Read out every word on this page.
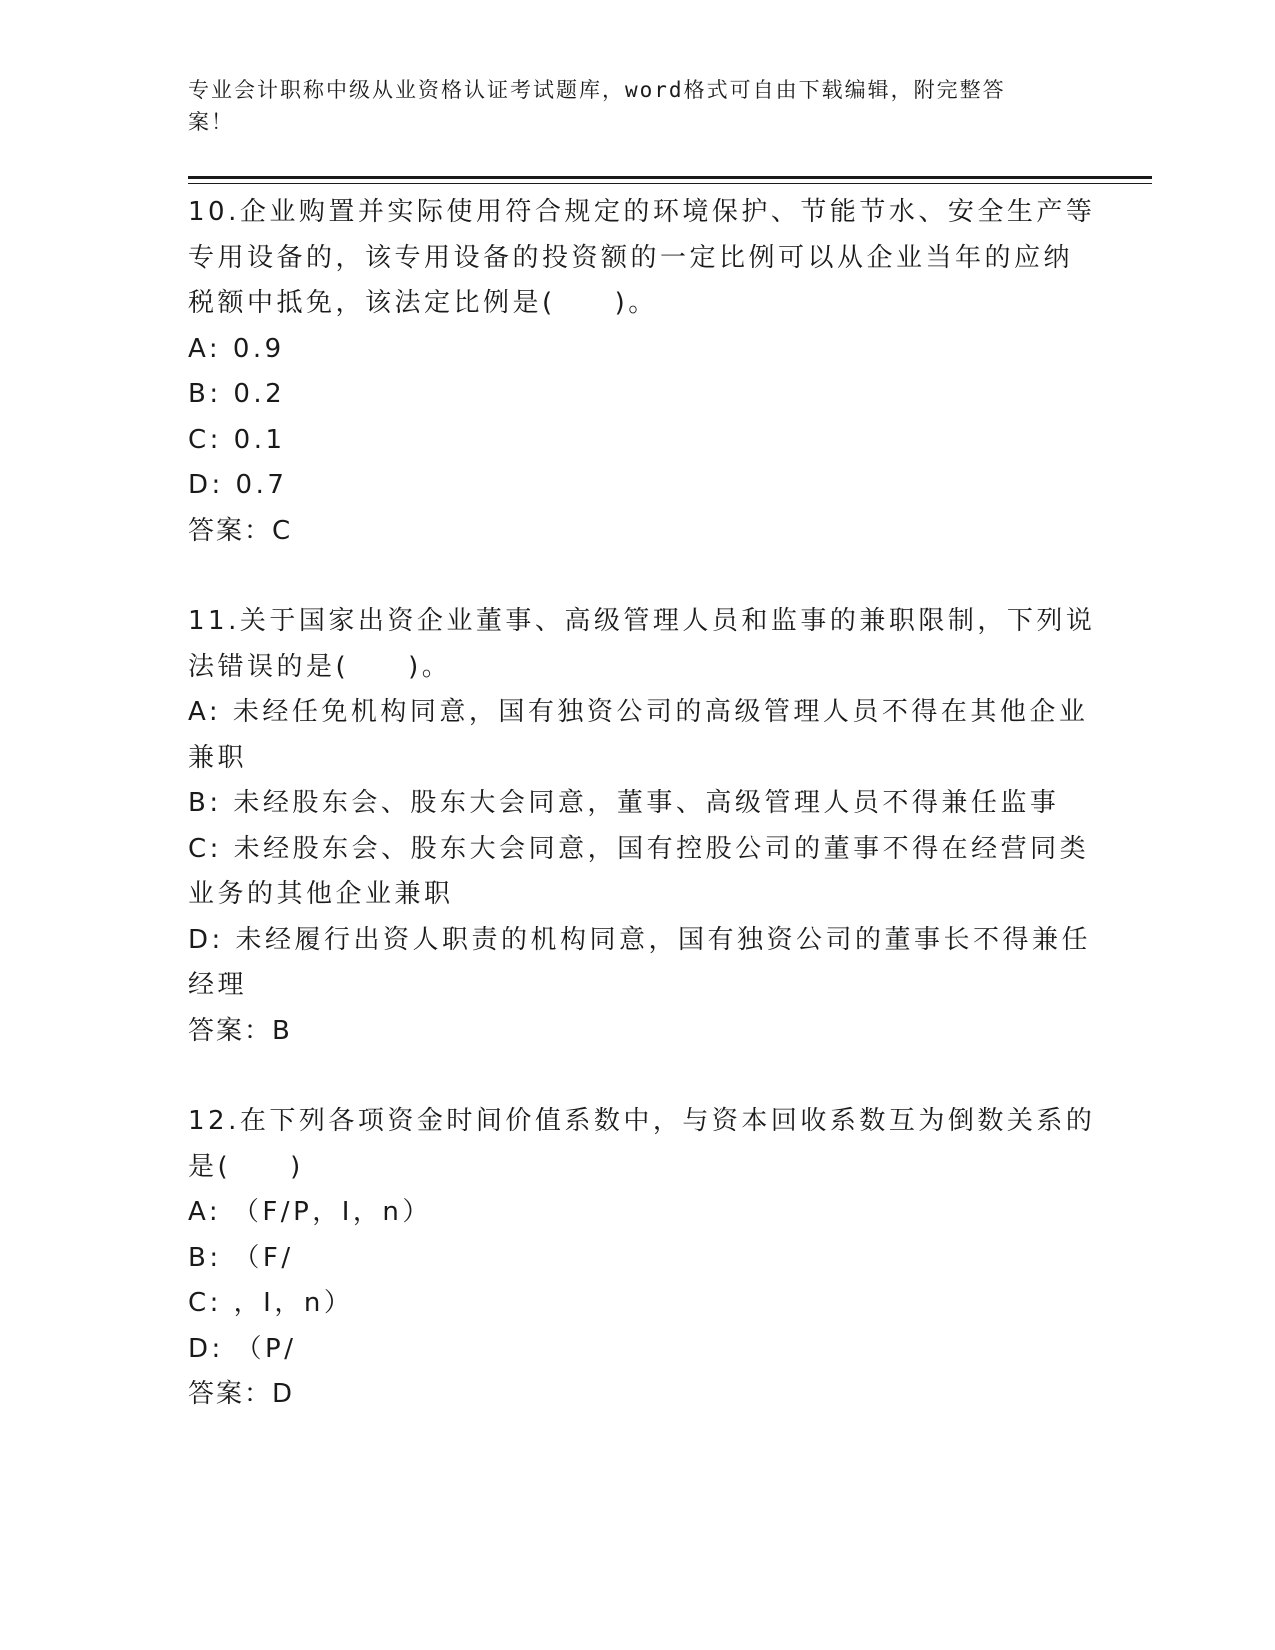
专业会计职称中级从业资格认证考试题库，word格式可自由下载编辑，附完整答
案！
10.企业购置并实际使用符合规定的环境保护、节能节水、安全生产等
专用设备的，该专用设备的投资额的一定比例可以从企业当年的应纳
税额中抵免，该法定比例是(　　)。
A: 0.9
B: 0.2
C: 0.1
D: 0.7
答案：C
11.关于国家出资企业董事、高级管理人员和监事的兼职限制，下列说
法错误的是(　　)。
A: 未经任免机构同意，国有独资公司的高级管理人员不得在其他企业
兼职
B: 未经股东会、股东大会同意，董事、高级管理人员不得兼任监事
C: 未经股东会、股东大会同意，国有控股公司的董事不得在经营同类
业务的其他企业兼职
D: 未经履行出资人职责的机构同意，国有独资公司的董事长不得兼任
经理
答案：B
12.在下列各项资金时间价值系数中，与资本回收系数互为倒数关系的
是(　　)
A: （F/P，I，n）
B: （F/
C: ，I，n）
D: （P/
答案：D
